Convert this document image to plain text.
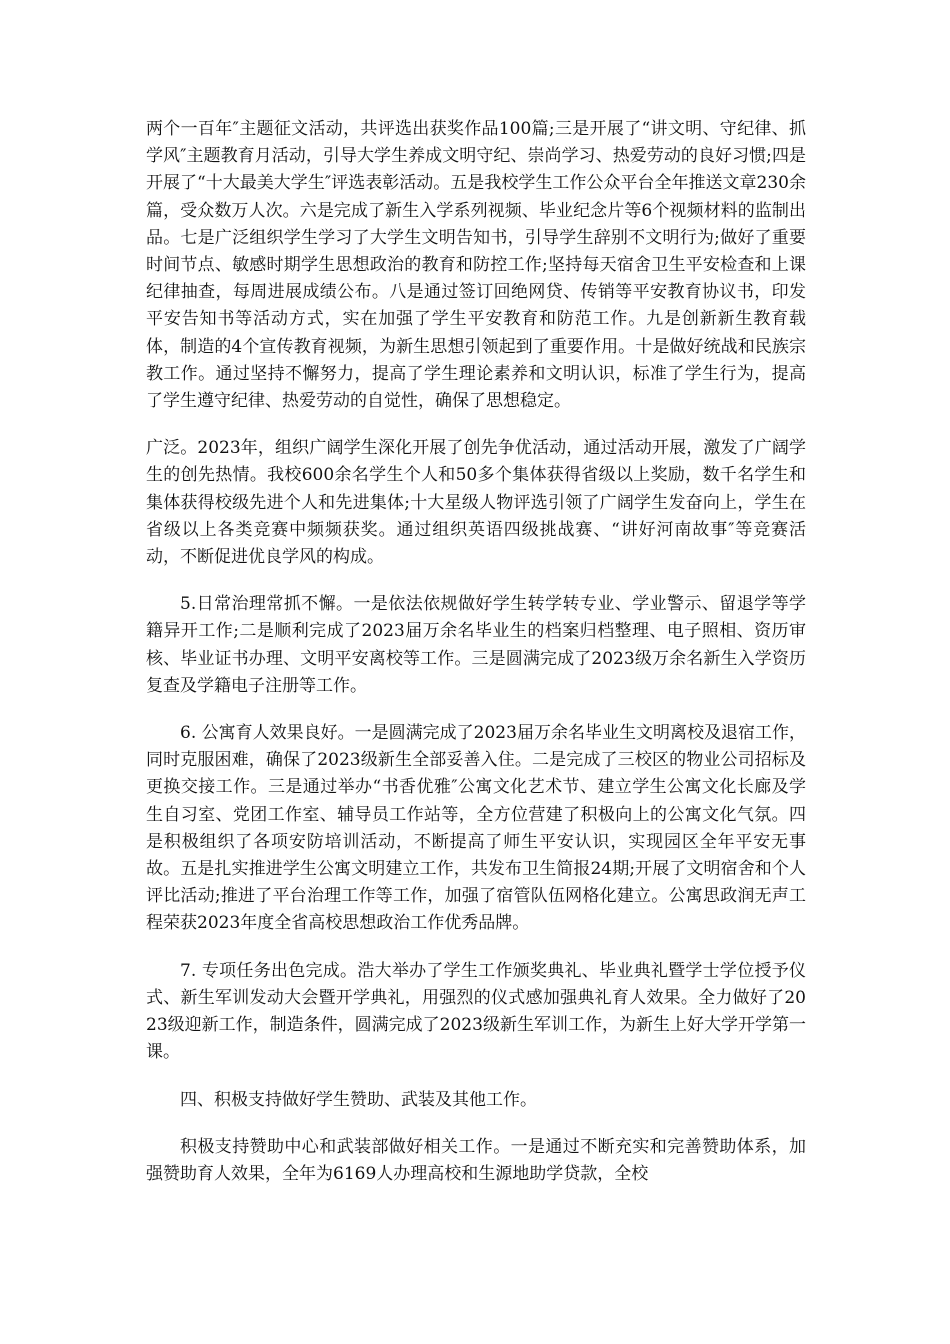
两个一百年″主题征文活动，共评选出获奖作品100篇;三是开展了“讲文明、守纪律、抓学风″主题教育月活动，引导大学生养成文明守纪、崇尚学习、热爱劳动的良好习惯;四是开展了“十大最美大学生″评选表彰活动。五是我校学生工作公众平台全年推送文章230余篇，受众数万人次。六是完成了新生入学系列视频、毕业纪念片等6个视频材料的监制出品。七是广泛组织学生学习了大学生文明告知书，引导学生辞别不文明行为;做好了重要时间节点、敏感时期学生思想政治的教育和防控工作;坚持每天宿舍卫生平安检查和上课纪律抽查，每周进展成绩公布。八是通过签订回绝网贷、传销等平安教育协议书，印发平安告知书等活动方式，实在加强了学生平安教育和防范工作。九是创新新生教育载体，制造的4个宣传教育视频，为新生思想引领起到了重要作用。十是做好统战和民族宗教工作。通过坚持不懈努力，提高了学生理论素养和文明认识，标准了学生行为，提高了学生遵守纪律、热爱劳动的自觉性，确保了思想稳定。

广泛。2023年，组织广阔学生深化开展了创先争优活动，通过活动开展，激发了广阔学生的创先热情。我校600余名学生个人和50多个集体获得省级以上奖励，数千名学生和集体获得校级先进个人和先进集体;十大星级人物评选引领了广阔学生发奋向上，学生在省级以上各类竞赛中频频获奖。通过组织英语四级挑战赛、“讲好河南故事″等竞赛活动，不断促进优良学风的构成。

5.日常治理常抓不懈。一是依法依规做好学生转学转专业、学业警示、留退学等学籍异开工作;二是顺利完成了2023届万余名毕业生的档案归档整理、电子照相、资历审核、毕业证书办理、文明平安离校等工作。三是圆满完成了2023级万余名新生入学资历复查及学籍电子注册等工作。

6. 公寓育人效果良好。一是圆满完成了2023届万余名毕业生文明离校及退宿工作，同时克服困难，确保了2023级新生全部妥善入住。二是完成了三校区的物业公司招标及更换交接工作。三是通过举办“书香优雅″公寓文化艺术节、建立学生公寓文化长廊及学生自习室、党团工作室、辅导员工作站等，全方位营建了积极向上的公寓文化气氛。四是积极组织了各项安防培训活动，不断提高了师生平安认识，实现园区全年平安无事故。五是扎实推进学生公寓文明建立工作，共发布卫生简报24期;开展了文明宿舍和个人评比活动;推进了平台治理工作等工作，加强了宿管队伍网格化建立。公寓思政润无声工程荣获2023年度全省高校思想政治工作优秀品牌。

7. 专项任务出色完成。浩大举办了学生工作颁奖典礼、毕业典礼暨学士学位授予仪式、新生军训发动大会暨开学典礼，用强烈的仪式感加强典礼育人效果。全力做好了2023级迎新工作，制造条件，圆满完成了2023级新生军训工作，为新生上好大学开学第一课。

四、积极支持做好学生赞助、武装及其他工作。

积极支持赞助中心和武装部做好相关工作。一是通过不断充实和完善赞助体系，加强赞助育人效果，全年为6169人办理高校和生源地助学贷款，全校
